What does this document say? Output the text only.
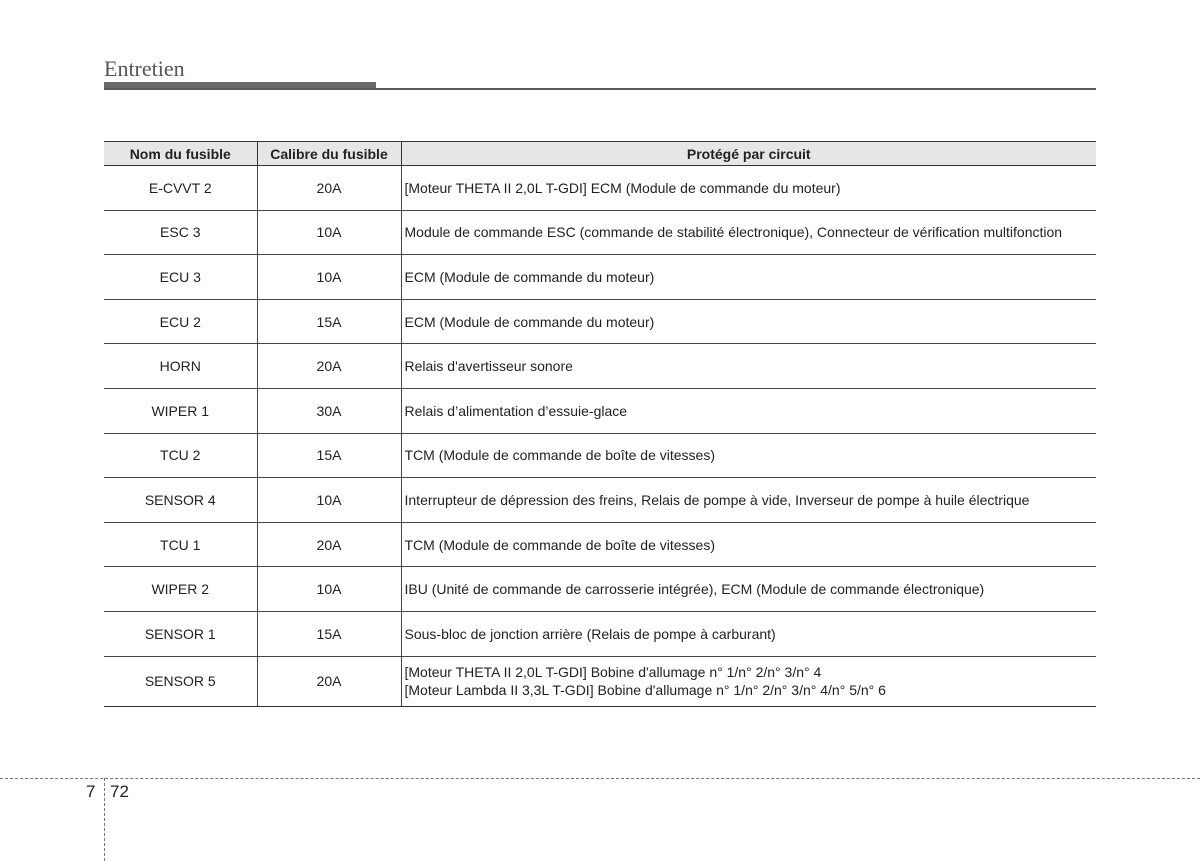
Entretien
Nom du fusible	Calibre du fusible	Protégé par circuit
E-CVVT 2	20A	[Moteur THETA II 2,0L T-GDI] ECM (Module de commande du moteur)
ESC 3	10A	Module de commande ESC (commande de stabilité électronique), Connecteur de vérification multifonction
ECU 3	10A	ECM (Module de commande du moteur)
ECU 2	15A	ECM (Module de commande du moteur)
HORN	20A	Relais d'avertisseur sonore
WIPER 1	30A	Relais d’alimentation d’essuie-glace
TCU 2	15A	TCM (Module de commande de boîte de vitesses)
SENSOR 4	10A	Interrupteur de dépression des freins, Relais de pompe à vide, Inverseur de pompe à huile électrique
TCU 1	20A	TCM (Module de commande de boîte de vitesses)
WIPER 2	10A	IBU (Unité de commande de carrosserie intégrée), ECM (Module de commande électronique)
SENSOR 1	15A	Sous-bloc de jonction arrière (Relais de pompe à carburant)
SENSOR 5	20A	[Moteur THETA II 2,0L T-GDI] Bobine d'allumage n° 1/n° 2/n° 3/n° 4
[Moteur Lambda II 3,3L T-GDI] Bobine d'allumage n° 1/n° 2/n° 3/n° 4/n° 5/n° 6
7 72
